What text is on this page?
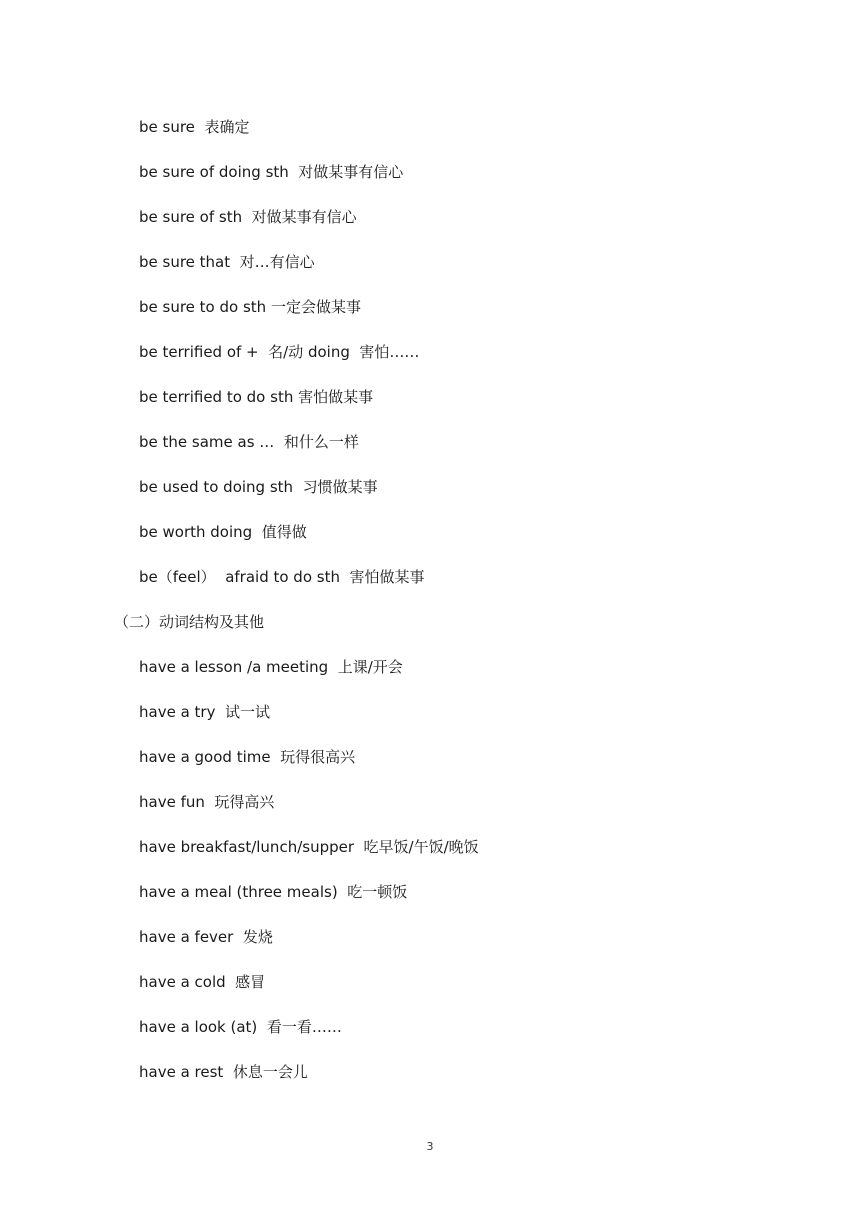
be sure  表确定
be sure of doing sth  对做某事有信心
be sure of sth  对做某事有信心
be sure that  对…有信心
be sure to do sth 一定会做某事
be terrified of +  名/动 doing  害怕……
be terrified to do sth 害怕做某事
be the same as …  和什么一样
be used to doing sth  习惯做某事
be worth doing  值得做
be（feel）  afraid to do sth  害怕做某事
（二）动词结构及其他
have a lesson /a meeting  上课/开会
have a try  试一试
have a good time  玩得很高兴
have fun  玩得高兴
have breakfast/lunch/supper  吃早饭/午饭/晚饭
have a meal (three meals)  吃一顿饭
have a fever  发烧
have a cold  感冒
have a look (at)  看一看……
have a rest  休息一会儿
3
